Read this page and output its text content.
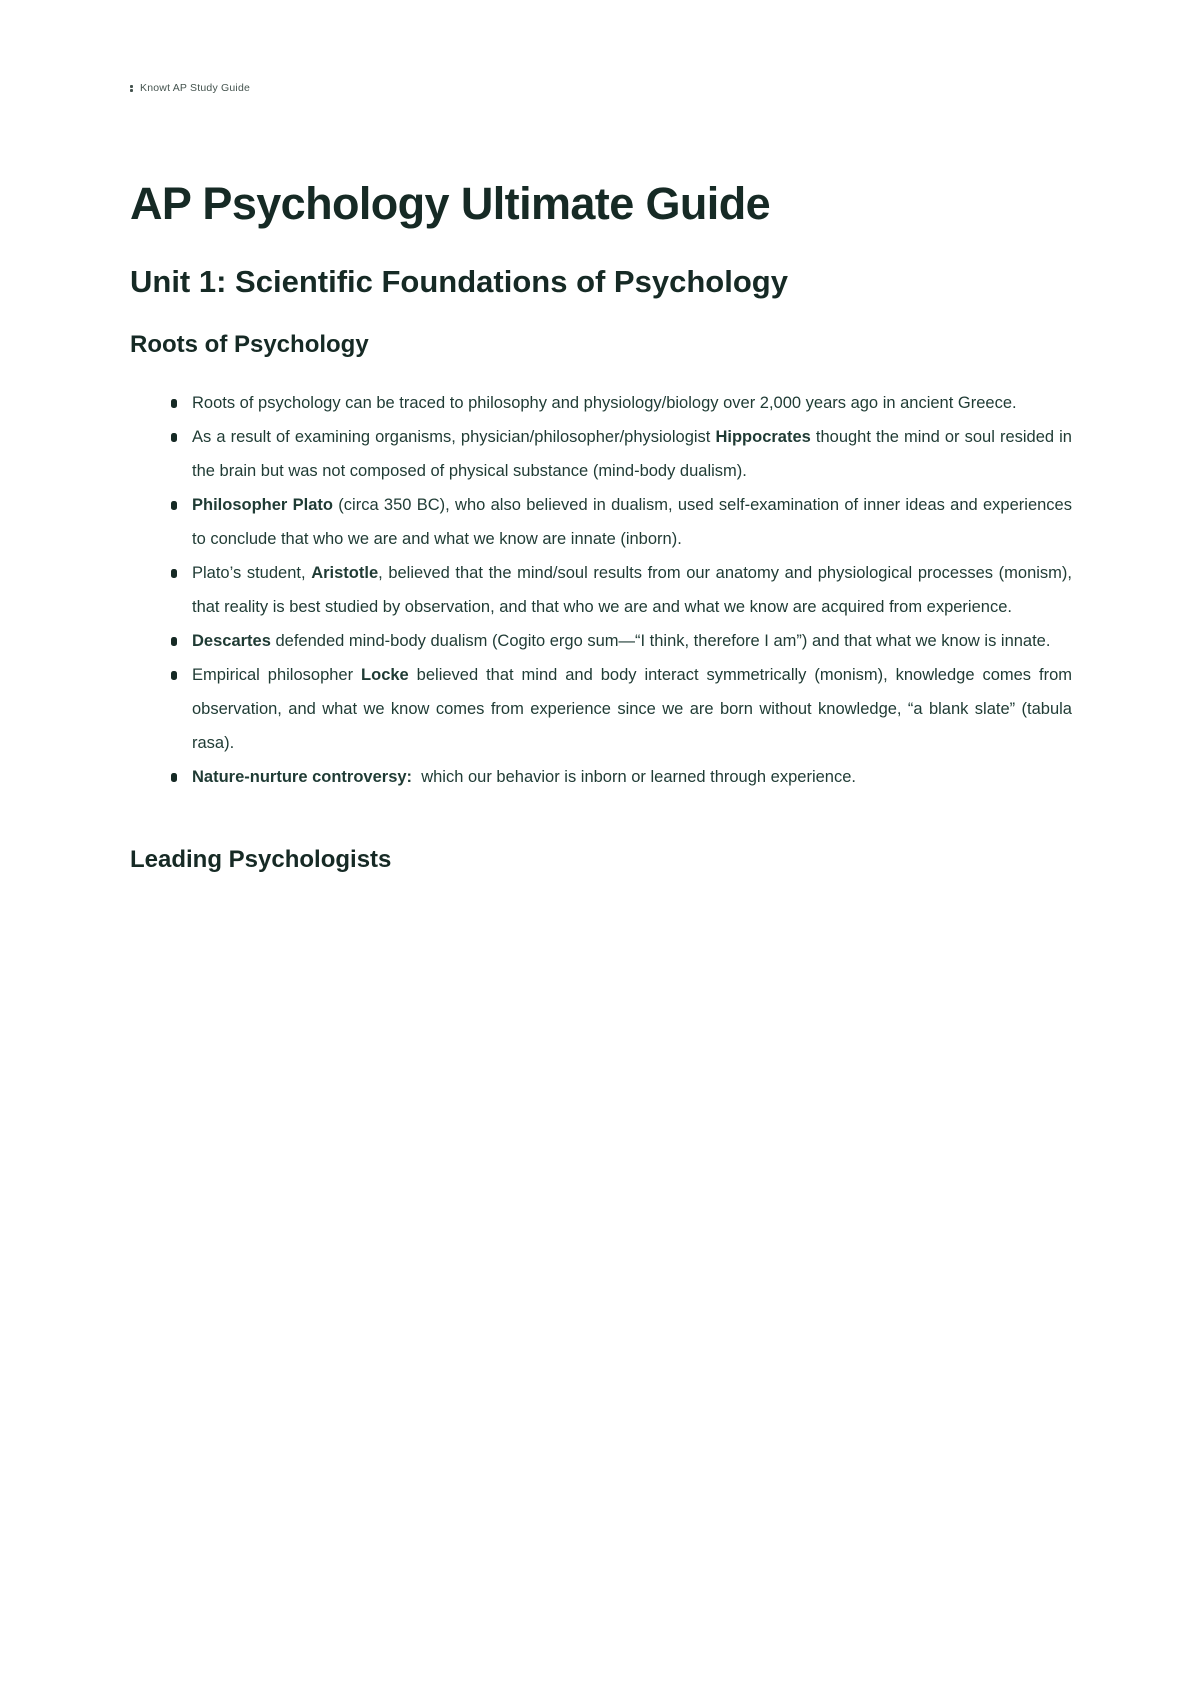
Knowt AP Study Guide
AP Psychology Ultimate Guide
Unit 1: Scientific Foundations of Psychology
Roots of Psychology
Roots of psychology can be traced to philosophy and physiology/biology over 2,000 years ago in ancient Greece.
As a result of examining organisms, physician/philosopher/physiologist Hippocrates thought the mind or soul resided in the brain but was not composed of physical substance (mind-body dualism).
Philosopher Plato (circa 350 BC), who also believed in dualism, used self-examination of inner ideas and experiences to conclude that who we are and what we know are innate (inborn).
Plato’s student, Aristotle, believed that the mind/soul results from our anatomy and physiological processes (monism), that reality is best studied by observation, and that who we are and what we know are acquired from experience.
Descartes defended mind-body dualism (Cogito ergo sum—“I think, therefore I am”) and that what we know is innate.
Empirical philosopher Locke believed that mind and body interact symmetrically (monism), knowledge comes from observation, and what we know comes from experience since we are born without knowledge, “a blank slate” (tabula rasa).
Nature-nurture controversy:  which our behavior is inborn or learned through experience.
Leading Psychologists
